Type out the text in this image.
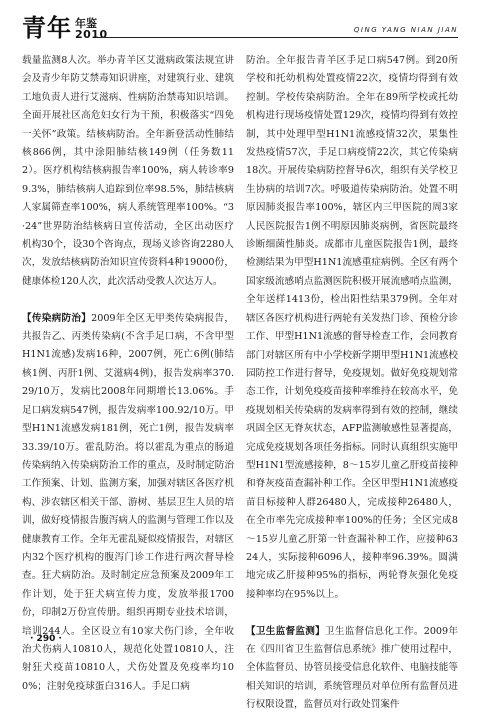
青年 年鉴
2010	QING YANG NIAN JIAN

载量监测8人次。举办青羊区艾滋病政策法规宣讲会及青少年防艾禁毒知识讲座，对建筑行业、建筑工地负责人进行艾滋病、性病防治禁毒知识培训。全面开展社区高危妇女行为干预，积极落实“四免一关怀”政策。结核病防治。全年新登活动性肺结核866例，其中涂阳肺结核149例（任务数112）。医疗机构结核病报告率100%，病人转诊率99.3%，肺结核病人追踪到位率98.5%，肺结核病人家属筛查率100%，病人系统管理率100%。“3·24”世界防治结核病日宣传活动，全区出动医疗机构30个，设30个咨询点，现场义诊咨询2280人次，发放结核病防治知识宣传资料4种19000份，健康体检120人次，此次活动受教人次达万人。

【传染病防治】2009年全区无甲类传染病报告，共报告乙、丙类传染病(不含手足口病，不含甲型H1N1流感)发病16种，2007例，死亡6例(肺结核1例、丙肝1例、艾滋病4例)，报告发病率370.29/10万，发病比2008年同期增长13.06%。手足口病发病547例，报告发病率100.92/10万。甲型H1N1流感发病181例，死亡1例，报告发病率33.39/10万。霍乱防治。将以霍乱为重点的肠道传染病纳入传染病防治工作的重点，及时制定防治工作预案、计划、监测方案，加强对辖区各医疗机构、涉农辖区相关干部、游树、基层卫生人员的培训，做好疫情报告腹泻病人的监测与管理工作以及健康教育工作。全年无霍乱疑似疫情报告，对辖区内32个医疗机构的腹泻门诊工作进行两次督导检查。狂犬病防治。及时制定应急预案及2009年工作计划，处于狂犬病宣传力度，发放举报1700份，印制2万份宣传册。组织再期专业技术培训，培训244人。全区设立有10家犬伤门诊，全年收治犬伤病人10810人，规范化处置10810人，注射狂犬疫苗10810人，犬伤处置及免疫率均100%；注射免疫球蛋白316人。手足口病

防治。全年报告青羊区手足口病547例。到20所学校和托幼机构处置疫情22次，疫情均得到有效控制。学校传染病防治。全年在89所学校或托幼机构进行现场疫情处置129次，疫情均得到有效控制，其中处理甲型H1N1流感疫情32次，果集性发热疫情57次，手足口病疫情22次，其它传染病18次。开展传染病防控督导6次，组织有关学校卫生协病的培训7次。呼吸道传染病防治。处置不明原因肺炎报告率100%，辖区内三甲医院的周3家人民医院报告1例不明原因肺炎病例，省医院最终诊断细菌性肺炎。成都市儿童医院报告1例，最终检测结果为甲型H1N1流感重症病例。全区有两个国家级流感哨点监测医院积极开展流感哨点监测，全年送样1413份，检出阳性结果379例。全年对辖区各医疗机构进行两轮有关发热门诊、预检分诊工作、甲型H1N1流感的督导检查工作，会同教育部门对辖区所有中小学校新学期甲型H1N1流感校园防控工作进行督导，免疫规划。做好免疫规划常态工作，计划免疫疫苗接种率维持在较高水平，免疫规划相关传染病的发病率得到有效的控制，继续巩固全区无脊灰状态，AFP监测敏感性显著提高，完成免疫规划各项任务指标。同时认真组织实施甲型H1N1型流感接种，8～15岁儿童乙肝疫苗接种和脊灰疫苗查漏补种工作。全区甲型H1N1流感疫苗目标接种人群26480人，完成接种26480人，在全市率先完成接种率100%的任务；全区完成8～15岁儿童乙肝第一针查漏补种工作，应接种6324人，实际接种6096人，接种率96.39%。圆满地完成乙肝接种95%的指标，两轮脊灰强化免疫接种率均在95%以上。

【卫生监督监测】卫生监督信息化工作。2009年在《四川省卫生监督信息系统》推广使用过程中，全体监督员、协管员接受信息化软件、电脑技能等相关知识的培训，系统管理员对单位所有监督员进行权限设置，监督员对行政处罚案件

· 290 ·
